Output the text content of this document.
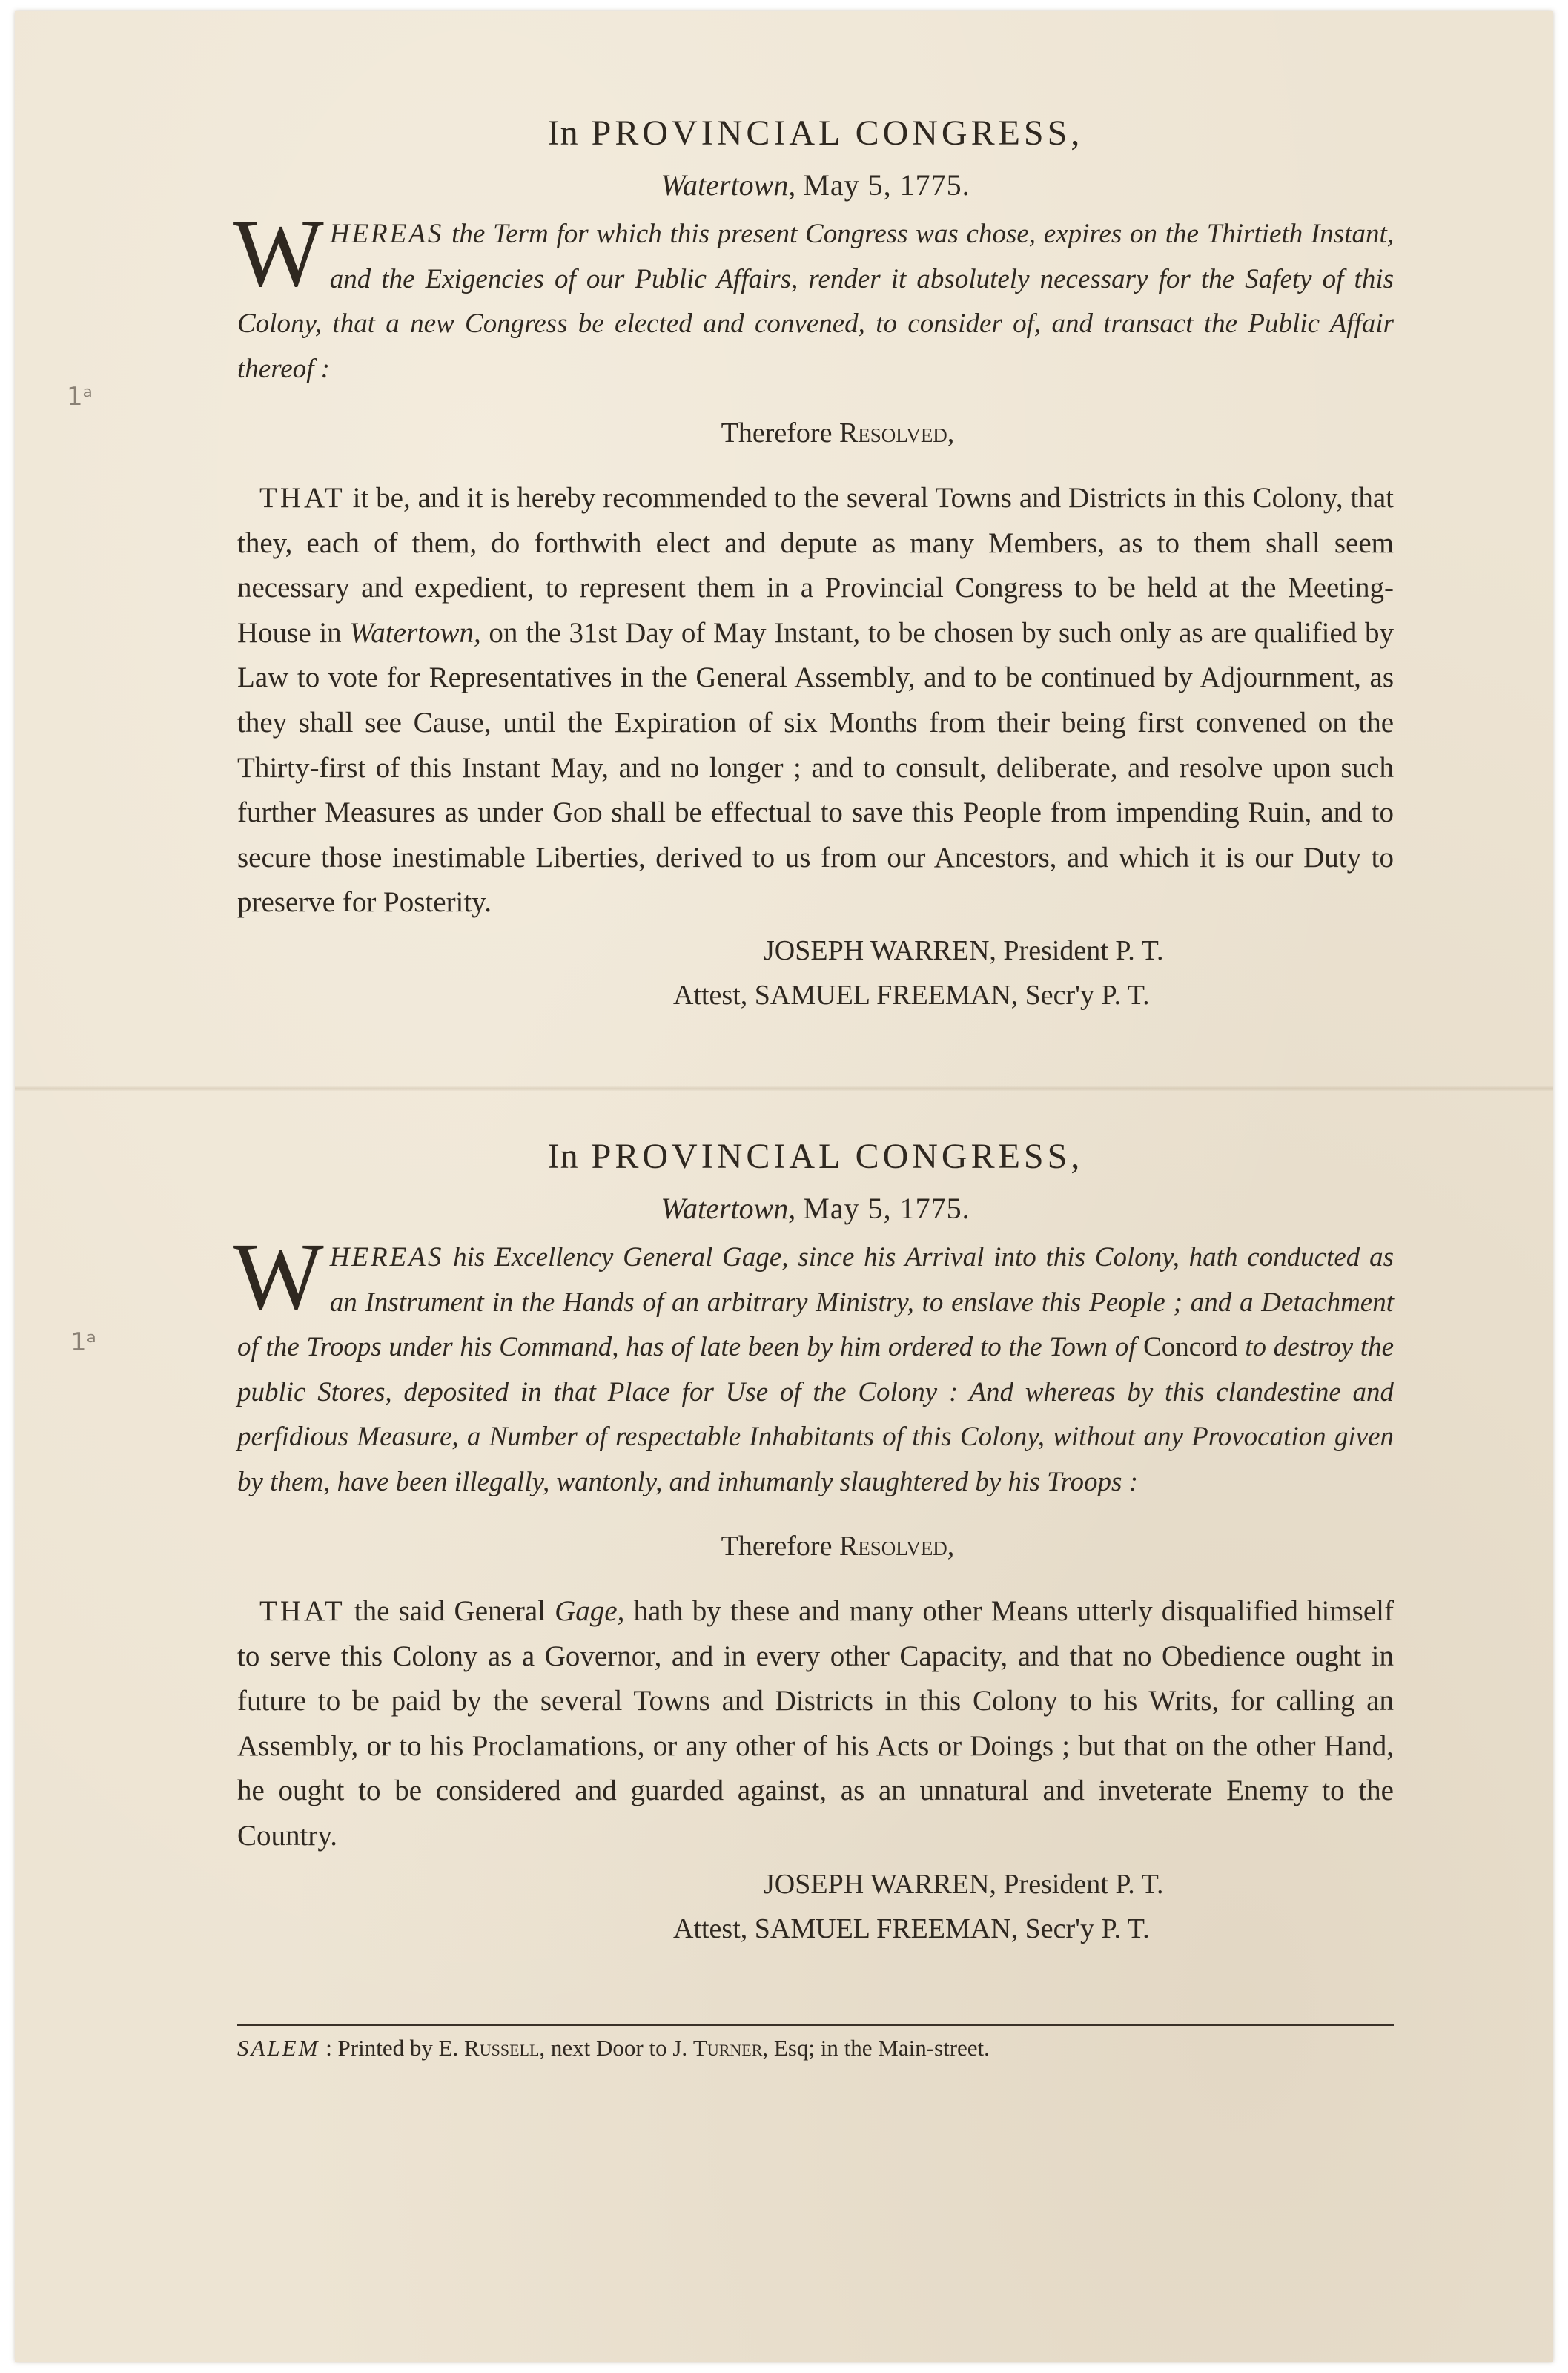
1ᵃ
1ᵃ

In PROVINCIAL CONGRESS,

Watertown, May 5, 1775.

WHEREAS the Term for which this present Congress was chose, expires on the Thirtieth Instant, and the Exigencies of our Public Affairs, render it absolutely necessary for the Safety of this Colony, that a new Congress be elected and convened, to consider of, and transact the Public Affair thereof :

Therefore Resolved,

THAT it be, and it is hereby recommended to the several Towns and Districts in this Colony, that they, each of them, do forthwith elect and depute as many Members, as to them shall seem necessary and expedient, to represent them in a Provincial Congress to be held at the Meeting-House in Watertown, on the 31st Day of May Instant, to be chosen by such only as are qualified by Law to vote for Representatives in the General Assembly, and to be continued by Adjournment, as they shall see Cause, until the Expiration of six Months from their being first convened on the Thirty-first of this Instant May, and no longer ; and to consult, deliberate, and resolve upon such further Measures as under God shall be effectual to save this People from impending Ruin, and to secure those inestimable Liberties, derived to us from our Ancestors, and which it is our Duty to preserve for Posterity.

JOSEPH WARREN, President P. T.

Attest, SAMUEL FREEMAN, Secr'y P. T.

In PROVINCIAL CONGRESS,

Watertown, May 5, 1775.

WHEREAS his Excellency General Gage, since his Arrival into this Colony, hath conducted as an Instrument in the Hands of an arbitrary Ministry, to enslave this People ; and a Detachment of the Troops under his Command, has of late been by him ordered to the Town of Concord to destroy the public Stores, deposited in that Place for Use of the Colony : And whereas by this clandestine and perfidious Measure, a Number of respectable Inhabitants of this Colony, without any Provocation given by them, have been illegally, wantonly, and inhumanly slaughtered by his Troops :

Therefore Resolved,

THAT the said General Gage, hath by these and many other Means utterly disqualified himself to serve this Colony as a Governor, and in every other Capacity, and that no Obedience ought in future to be paid by the several Towns and Districts in this Colony to his Writs, for calling an Assembly, or to his Proclamations, or any other of his Acts or Doings ; but that on the other Hand, he ought to be considered and guarded against, as an unnatural and inveterate Enemy to the Country.

JOSEPH WARREN, President P. T.

Attest, SAMUEL FREEMAN, Secr'y P. T.

SALEM : Printed by E. Russell, next Door to J. Turner, Esq; in the Main-street.
